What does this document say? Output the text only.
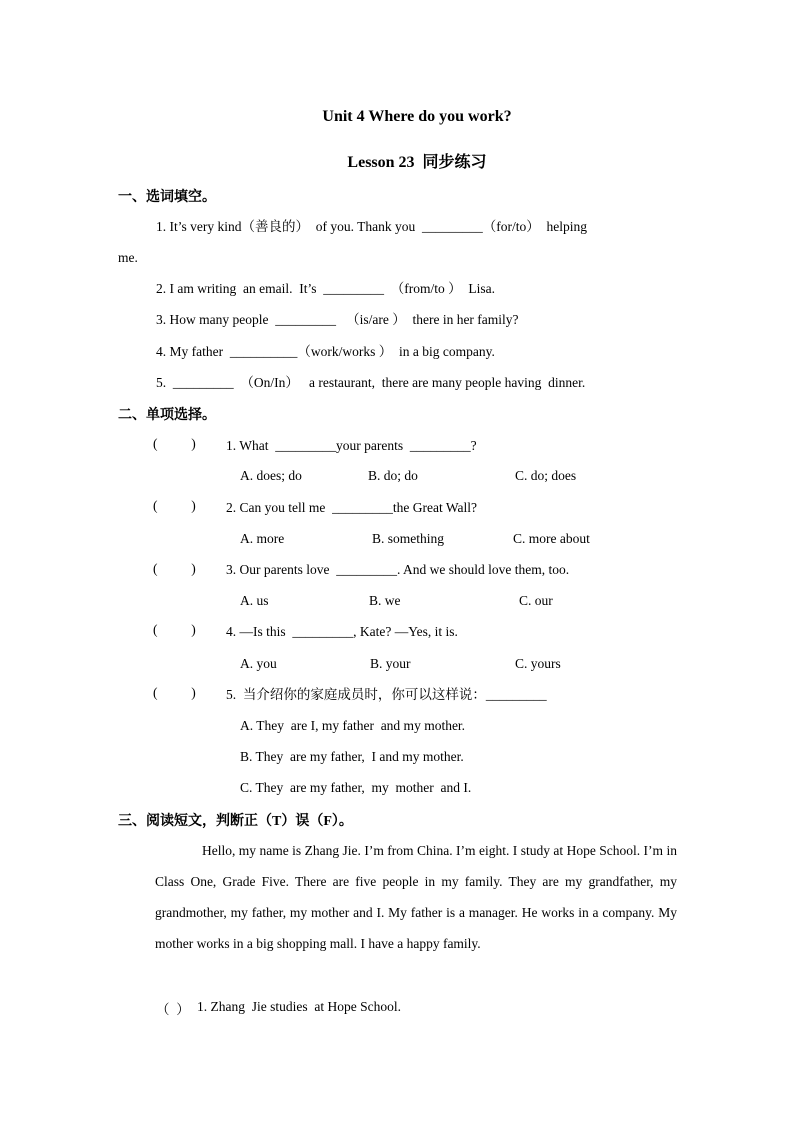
Unit 4 Where do you work?
Lesson 23  同步练习
一、选词填空。
1. It’s very kind（善良的）  of you. Thank you  _________（for/to）  helping
me.
2. I am writing  an email.  It’s  _________  （from/to ）  Lisa.
3. How many people  _________   （is/are ）  there in her family?
4. My father  __________（work/works ）  in a big company.
5.  _________  （On/In）   a restaurant,  there are many people having  dinner.
二、单项选择。
(          ) 1. What  _________your parents  _________?
A. does; do	B. do; do	C. do; does
(          ) 2. Can you tell me  _________the Great Wall?
A. more	B. something	C. more about
(          ) 3. Our parents love  _________. And we should love them, too.
A. us	B. we	C. our
(          ) 4. —Is this  _________, Kate? —Yes, it is.
A. you	B. your	C. yours
(          ) 5.  当介绍你的家庭成员时，你可以这样说：_________
A. They  are I, my father  and my mother.
B. They  are my father,  I and my mother.
C. They  are my father,  my  mother  and I.
三、阅读短文，判断正（T）误（F）。

Hello, my name is Zhang Jie. I’m from China. I’m eight. I study at Hope School. I’m in Class One, Grade Five. There are five people in my family. They are my grandfather, my grandmother, my father, my mother and I. My father is a manager. He works in a company. My mother works in a big shopping mall. I have a happy family.

（  ） 1. Zhang  Jie studies  at Hope School.
